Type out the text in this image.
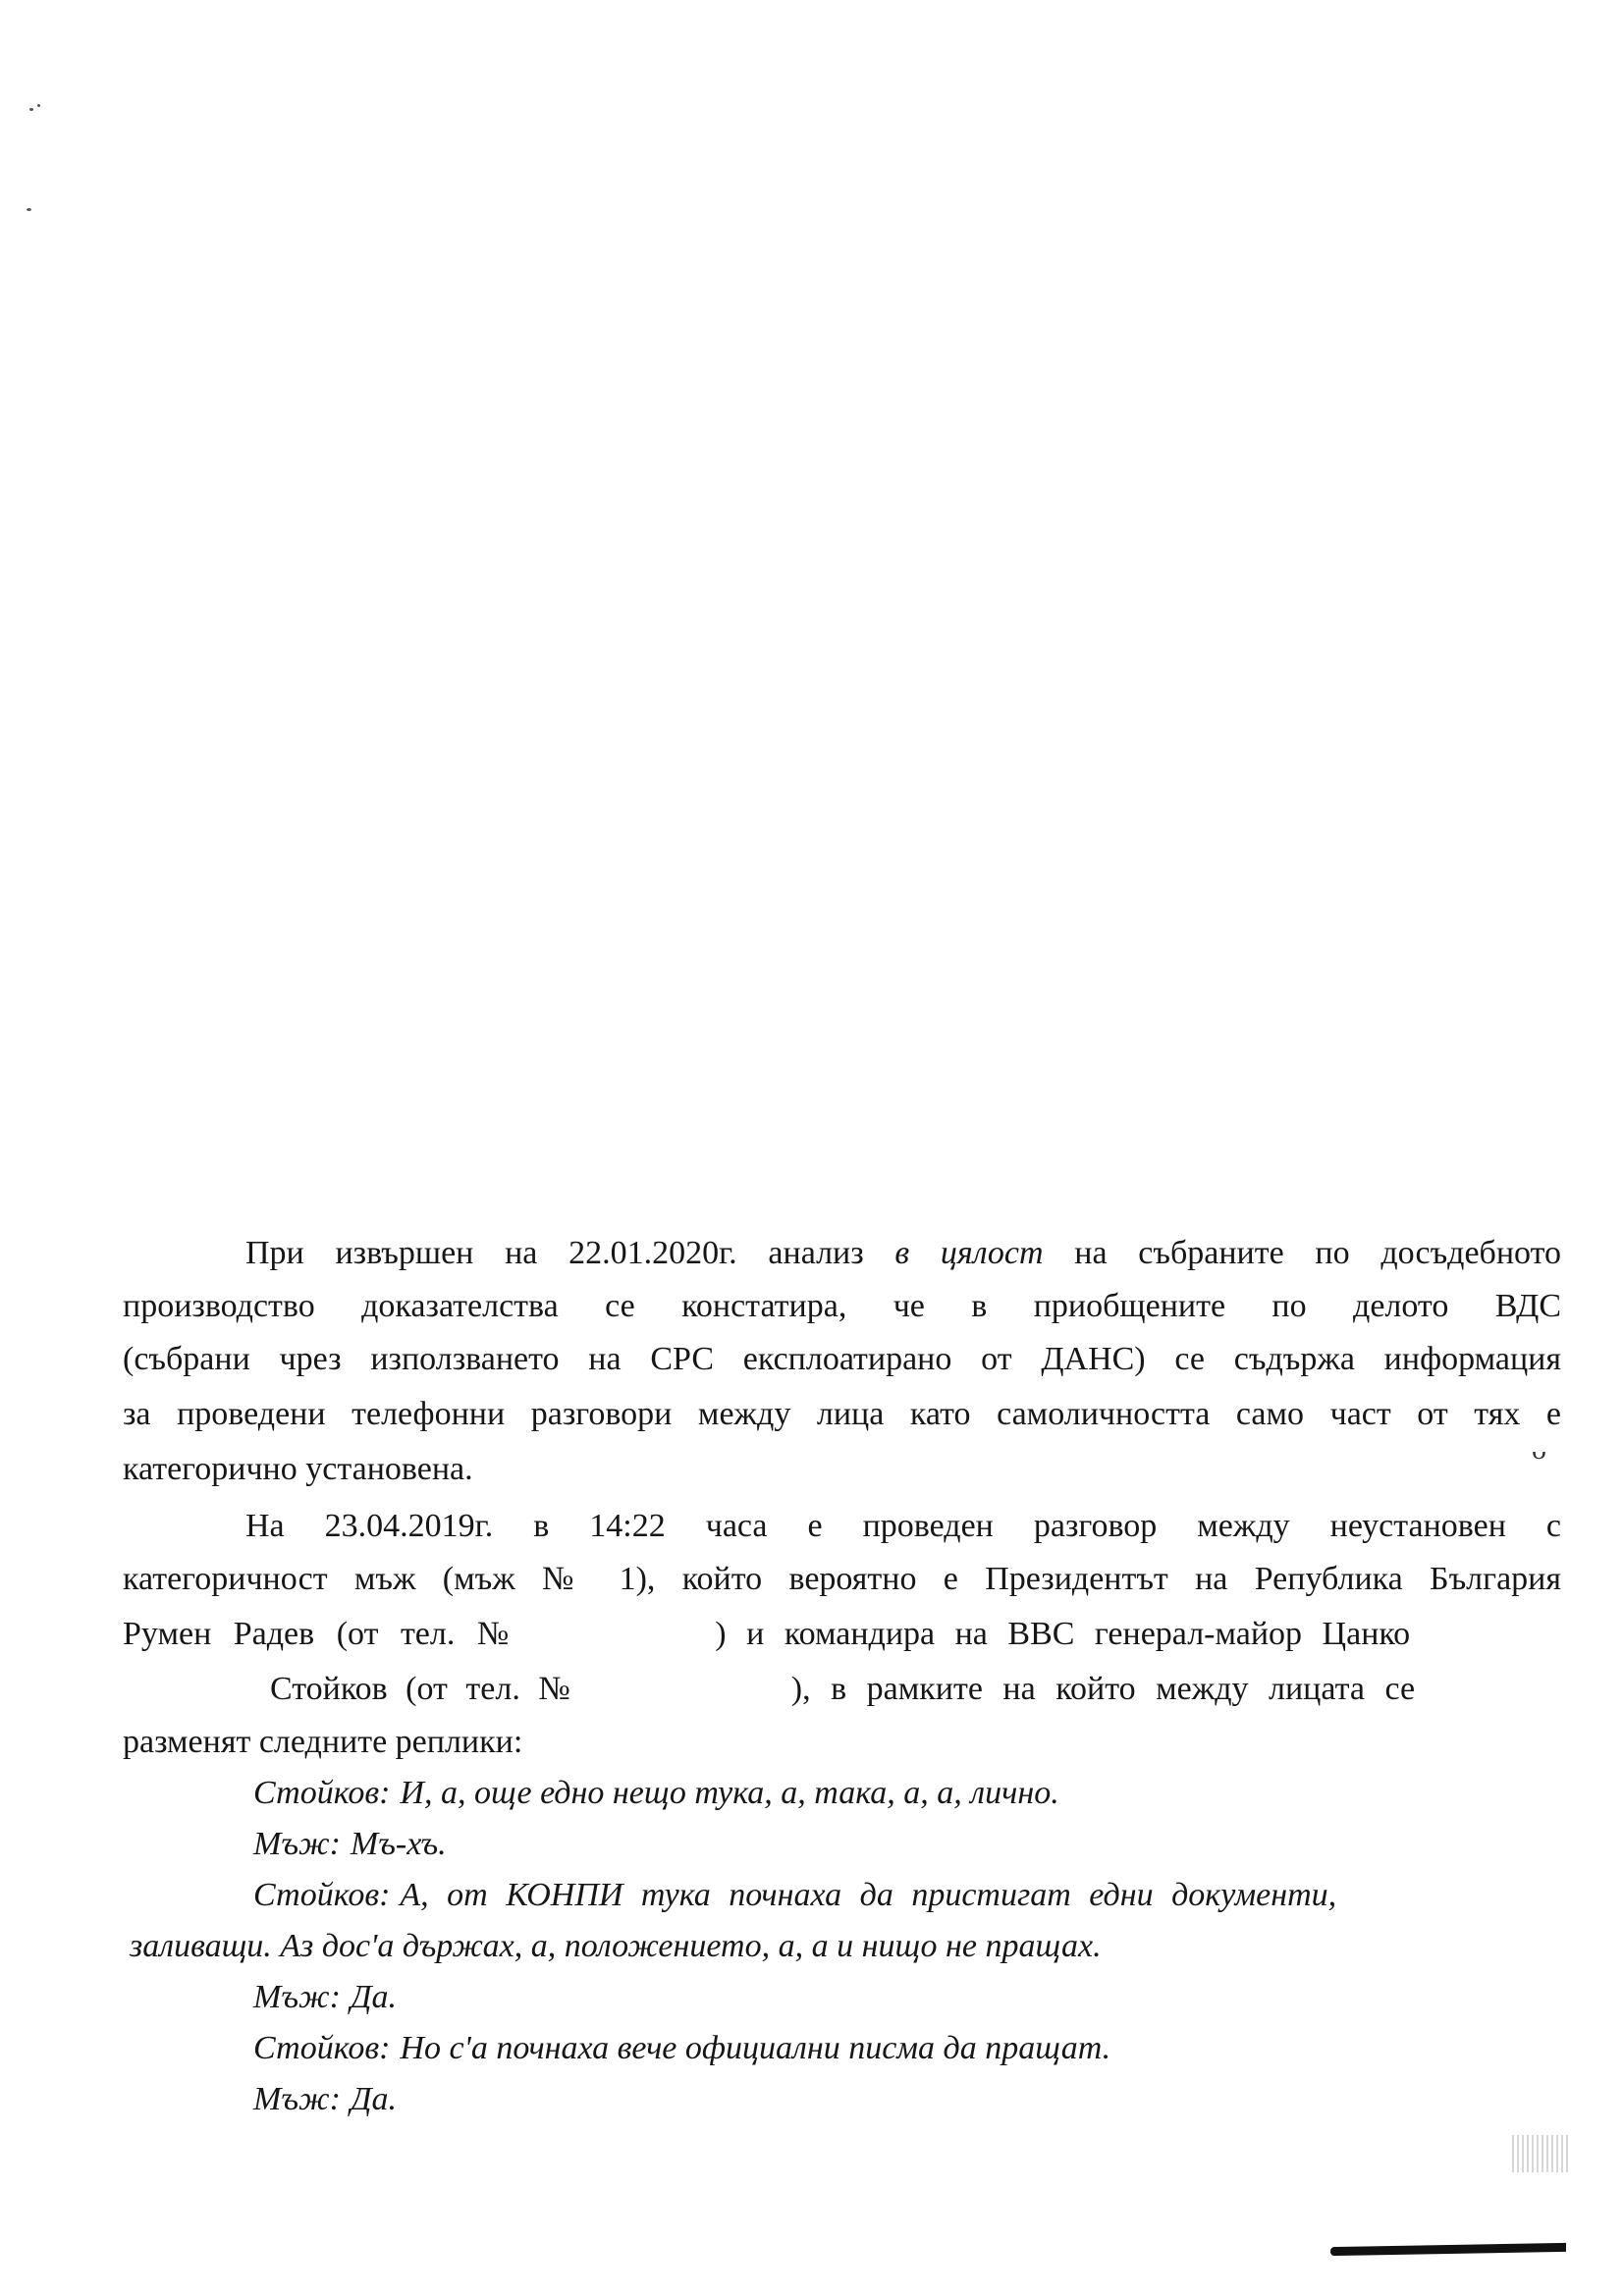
При извършен на 22.01.2020г. анализ в цялост на събраните по досъдебното
производство доказателства се констатира, че в приобщените по делото ВДС
(събрани чрез използването на СРС експлоатирано от ДАНС) се съдържа информация
за проведени телефонни разговори между лица като самоличността само част от тях е
категорично установена.
ᴗ
На 23.04.2019г. в 14:22 часа е проведен разговор между неустановен с
категоричност мъж (мъж № 1), който вероятно е Президентът на Република България
Румен Радев (от тел. №	) и командира на ВВС генерал-майор Цанко
Стойков (от тел. №	), в рамките на който между лицата се
разменят следните реплики:
Стойков: И, а, още едно нещо тука, а, така, а, а, лично.
Мъж: Мъ-хъ.
Стойков: А, от КОНПИ тука почнаха да пристигат едни документи,
заливащи. Аз дос'а държах, а, положението, а, а и нищо не пращах.
Мъж: Да.
Стойков: Но с'а почнаха вече официални писма да пращат.
Мъж: Да.
